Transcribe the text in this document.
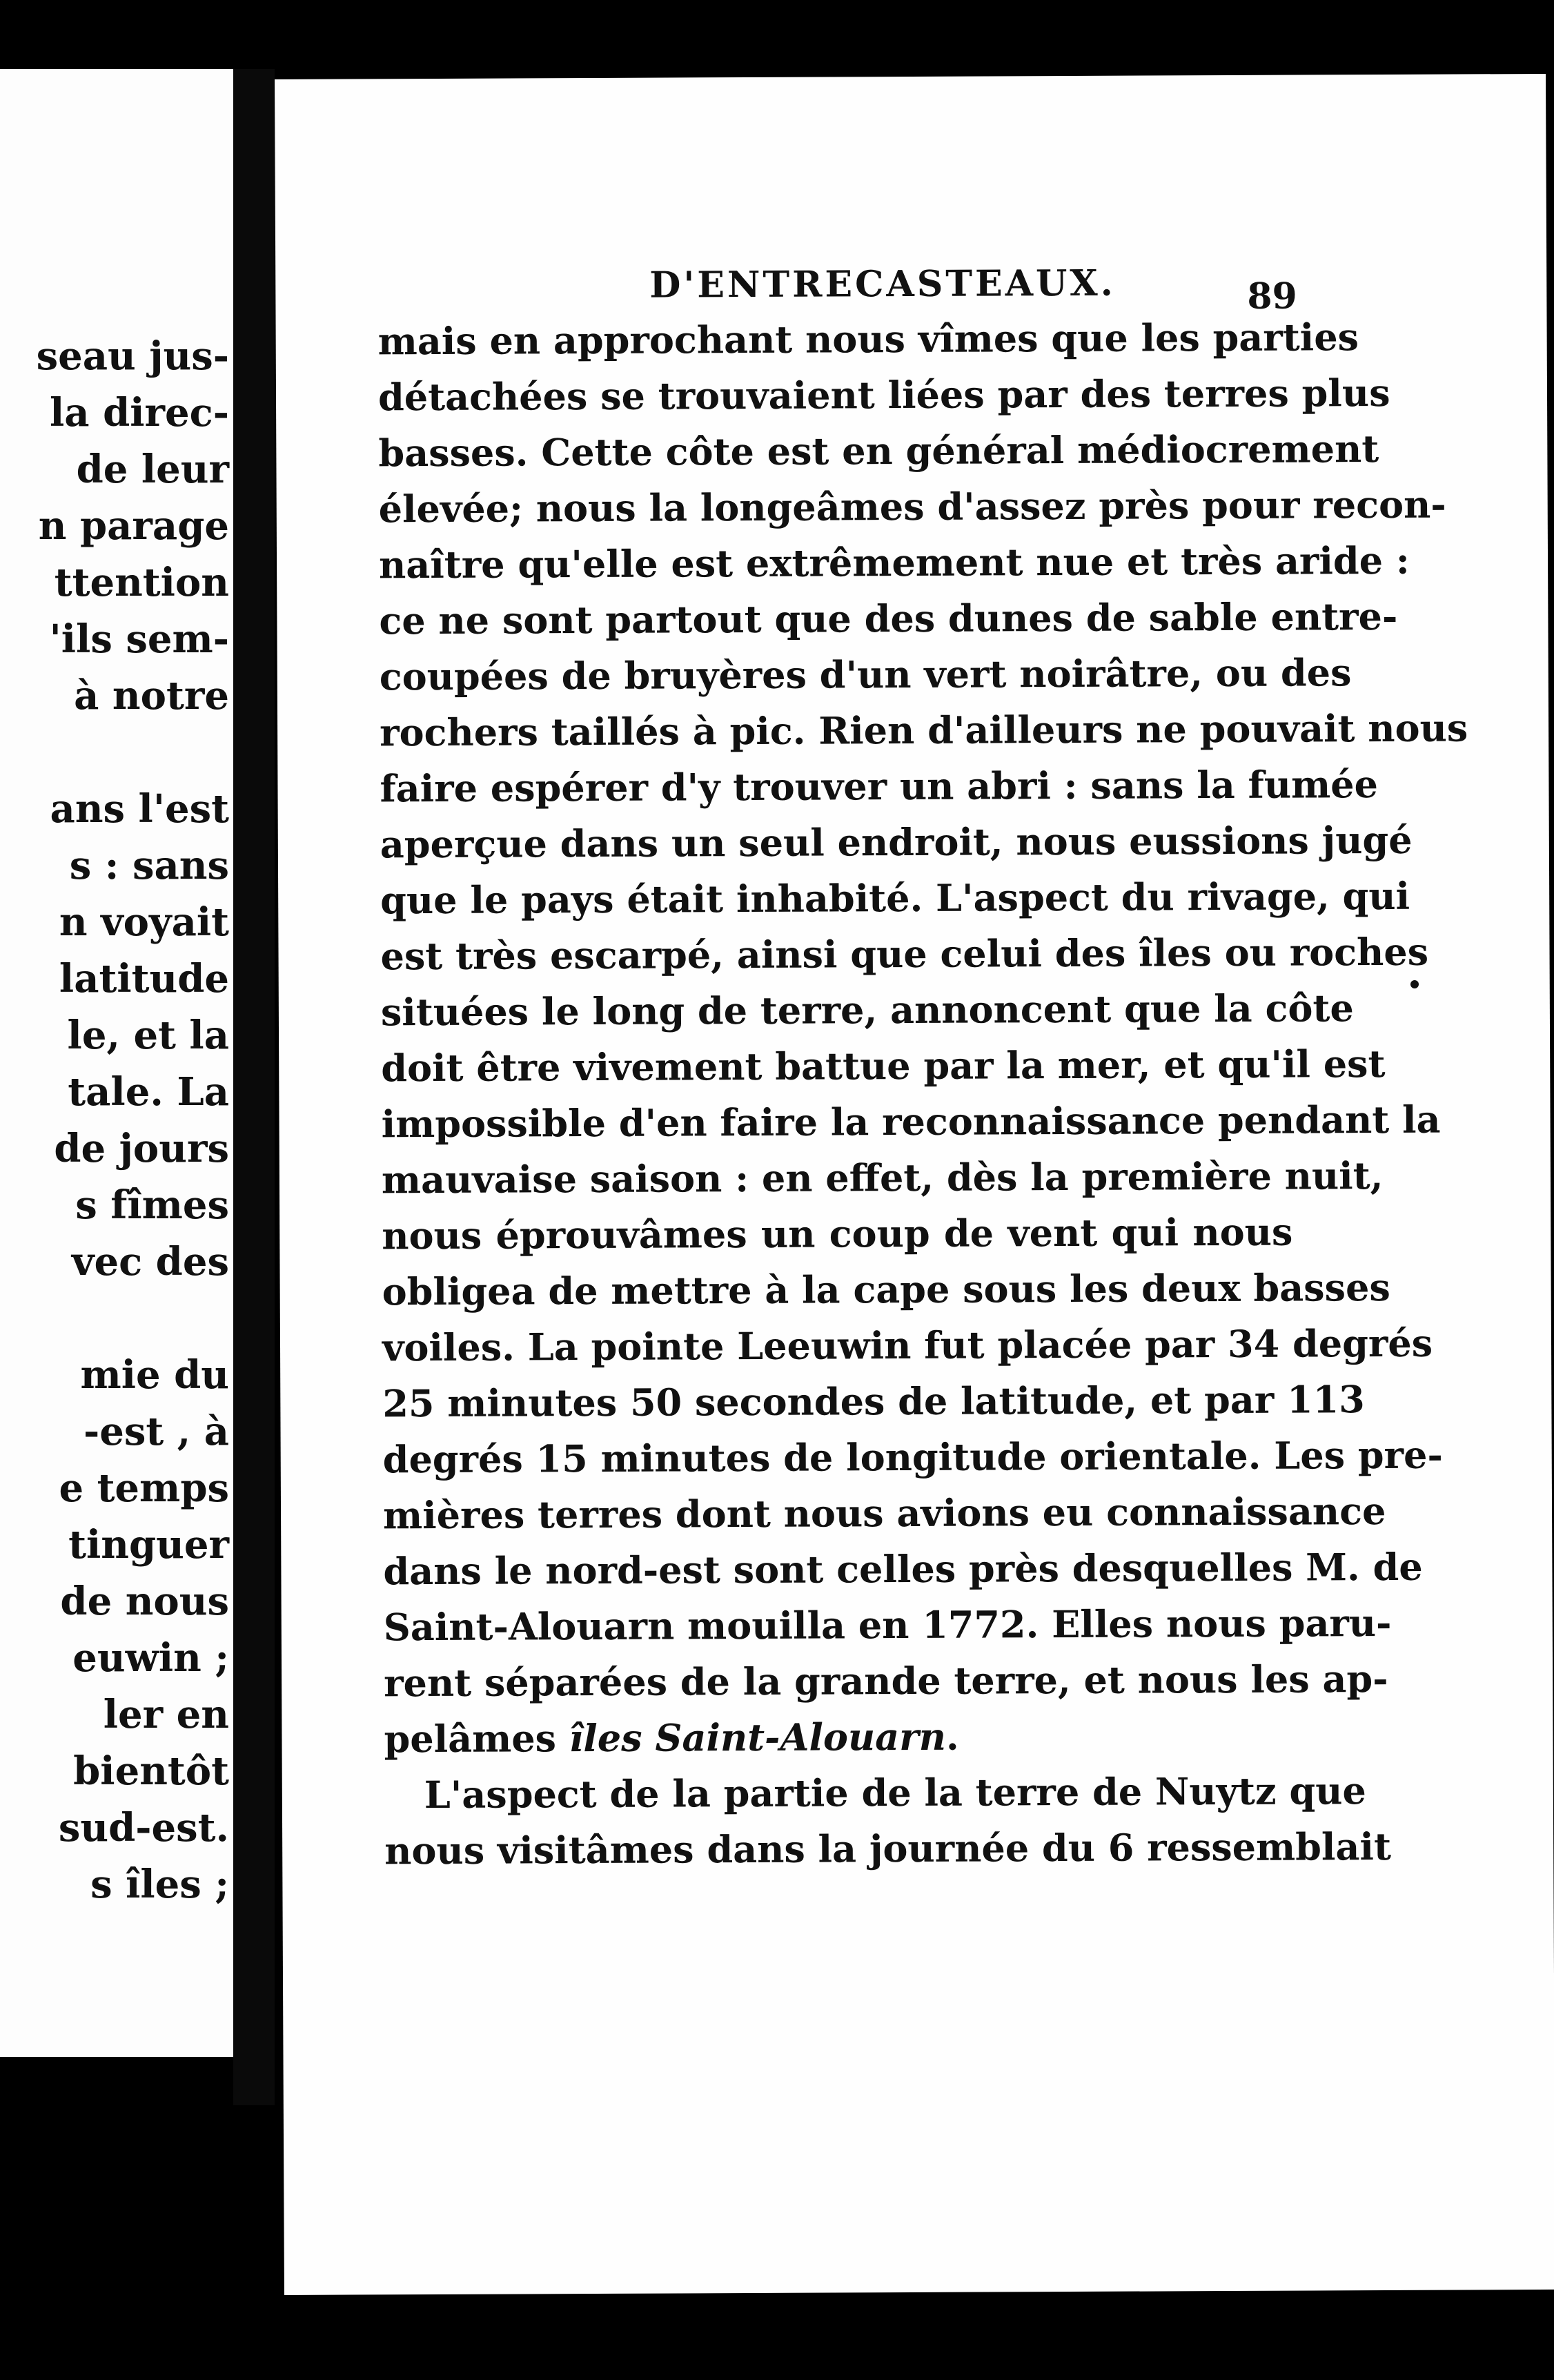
seau jus-
la direc-
de leur
n parage
ttention
'ils sem-
à notre
ans l'est
s : sans
n voyait
latitude
le, et la
tale. La
de jours
s fîmes
vec des
mie du
-est , à
e temps
tinguer
de nous
euwin ;
ler en
bientôt
sud-est.
s îles ;
D'ENTRECASTEAUX.	89
mais en approchant nous vîmes que les parties
détachées se trouvaient liées par des terres plus
basses. Cette côte est en général médiocrement
élevée; nous la longeâmes d'assez près pour recon-
naître qu'elle est extrêmement nue et très aride :
ce ne sont partout que des dunes de sable entre-
coupées de bruyères d'un vert noirâtre, ou des
rochers taillés à pic. Rien d'ailleurs ne pouvait nous
faire espérer d'y trouver un abri : sans la fumée
aperçue dans un seul endroit, nous eussions jugé
que le pays était inhabité. L'aspect du rivage, qui
est très escarpé, ainsi que celui des îles ou roches
situées le long de terre, annoncent que la côte
doit être vivement battue par la mer, et qu'il est
impossible d'en faire la reconnaissance pendant la
mauvaise saison : en effet, dès la première nuit,
nous éprouvâmes un coup de vent qui nous
obligea de mettre à la cape sous les deux basses
voiles. La pointe Leeuwin fut placée par 34 degrés
25 minutes 50 secondes de latitude, et par 113
degrés 15 minutes de longitude orientale. Les pre-
mières terres dont nous avions eu connaissance
dans le nord-est sont celles près desquelles M. de
Saint-Alouarn mouilla en 1772. Elles nous paru-
rent séparées de la grande terre, et nous les ap-
pelâmes îles Saint-Alouarn.
L'aspect de la partie de la terre de Nuytz que
nous visitâmes dans la journée du 6 ressemblait
